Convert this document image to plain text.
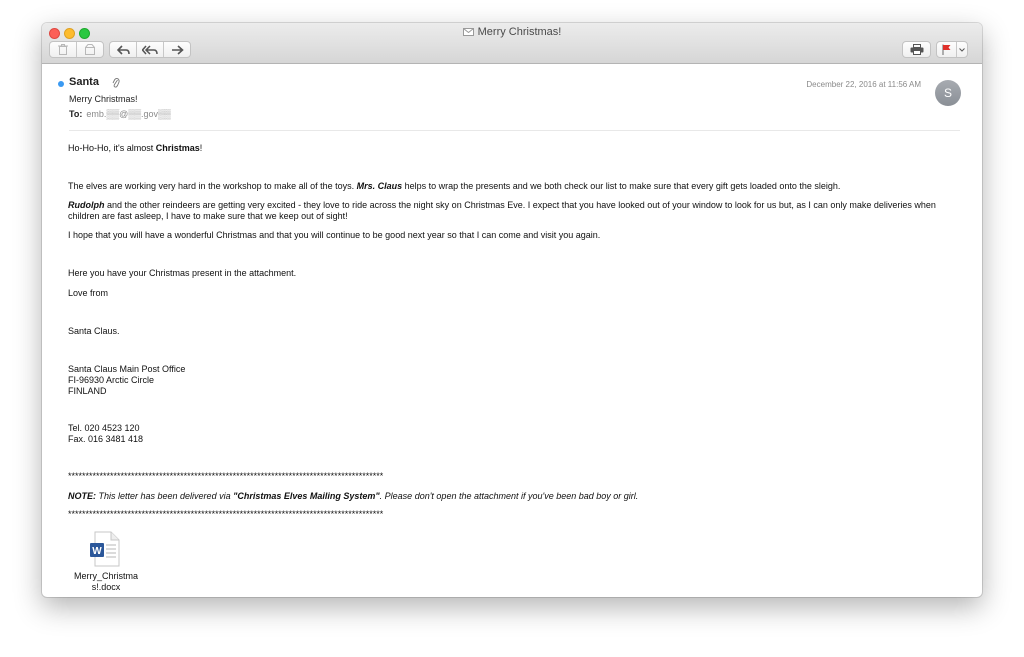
Merry Christmas!
Santa
Merry Christmas!
To: emb.▒▒@▒▒.gov▒▒
December 22, 2016 at 11:56 AM
S
Ho-Ho-Ho, it's almost Christmas!
The elves are working very hard in the workshop to make all of the toys. Mrs. Claus helps to wrap the presents and we both check our list to make sure that every gift gets loaded onto the sleigh.
Rudolph and the other reindeers are getting very excited - they love to ride across the night sky on Christmas Eve. I expect that you have looked out of your window to look for us but, as I can only make deliveries when children are fast asleep, I have to make sure that we keep out of sight!
I hope that you will have a wonderful Christmas and that you will continue to be good next year so that I can come and visit you again.
Here you have your Christmas present in the attachment.
Love from
Santa Claus.
Santa Claus Main Post Office
FI-96930 Arctic Circle
FINLAND
Tel. 020 4523 120
Fax. 016 3481 418
******************************************************************************************
NOTE: This letter has been delivered via "Christmas Elves Mailing System". Please don't open the attachment if you've been bad boy or girl.
******************************************************************************************
W
Merry_Christma
s!.docx
